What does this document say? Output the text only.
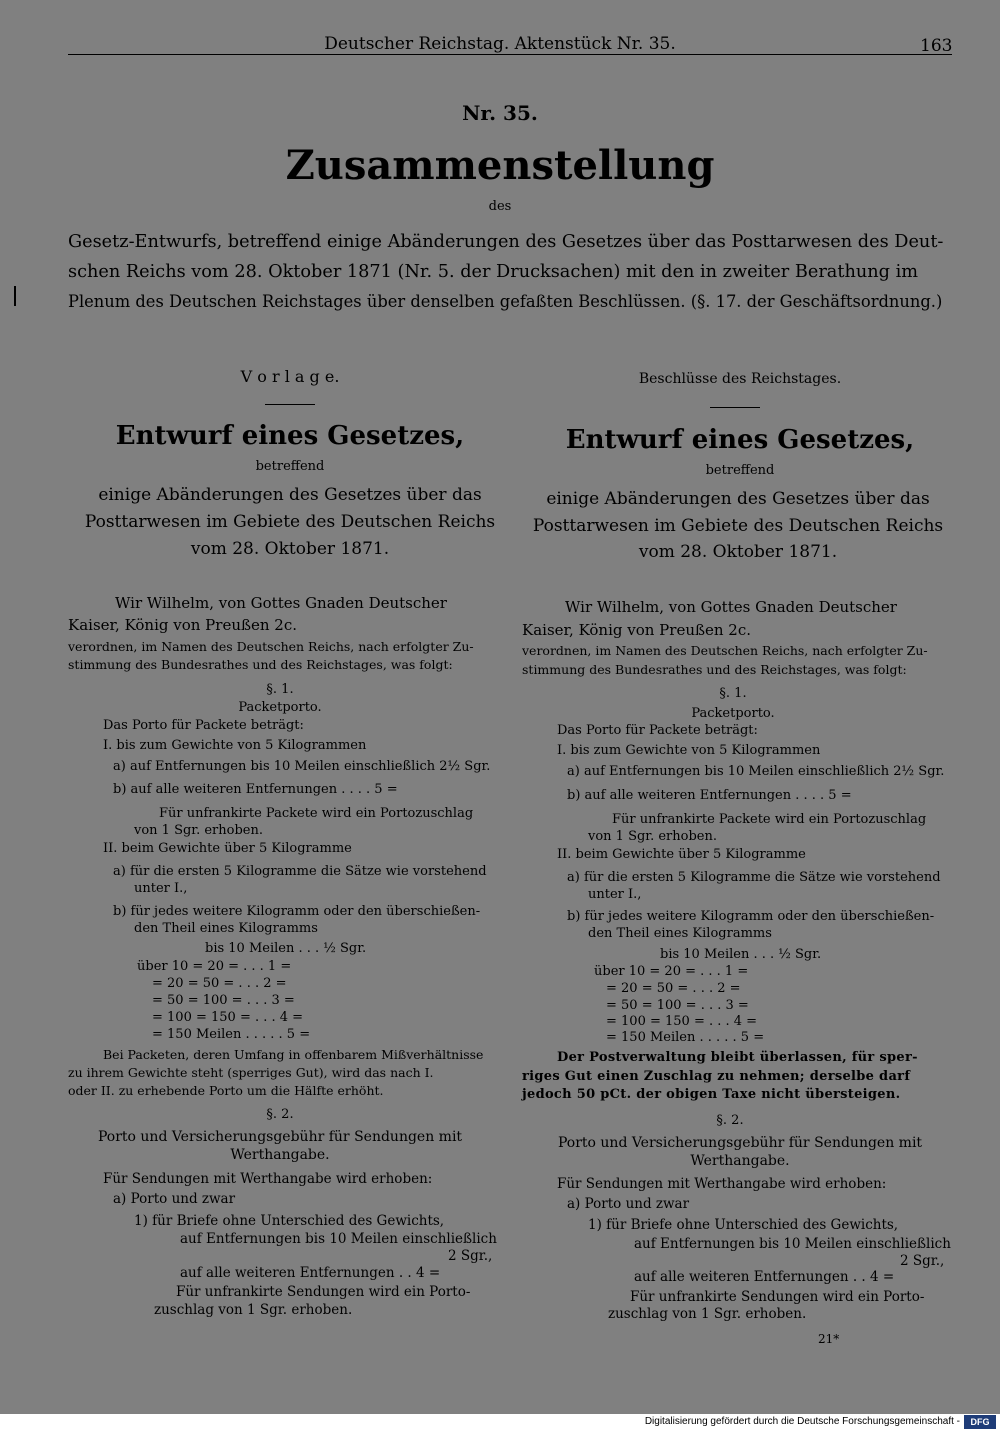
Deutscher Reichstag. Aktenstück Nr. 35.	163
Nr. 35.
Zusammenstellung
des
Gesetz-Entwurfs, betreffend einige Abänderungen des Gesetzes über das Posttarwesen des Deut-
schen Reichs vom 28. Oktober 1871 (Nr. 5. der Drucksachen) mit den in zweiter Berathung im
Plenum des Deutschen Reichstages über denselben gefaßten Beschlüssen. (§. 17. der Geschäftsordnung.)
V o r l a g e.
Entwurf eines Gesetzes,
betreffend
einige Abänderungen des Gesetzes über das
Posttarwesen im Gebiete des Deutschen Reichs
vom 28. Oktober 1871.
Wir Wilhelm, von Gottes Gnaden Deutscher
Kaiser, König von Preußen 2c.
verordnen, im Namen des Deutschen Reichs, nach erfolgter Zu-
stimmung des Bundesrathes und des Reichstages, was folgt:
§. 1.
Packetporto.
Das Porto für Packete beträgt:
I. bis zum Gewichte von 5 Kilogrammen
a) auf Entfernungen bis 10 Meilen einschließlich 2½ Sgr.
b) auf alle weiteren Entfernungen . . . . 5 =
Für unfrankirte Packete wird ein Portozuschlag
von 1 Sgr. erhoben.
II. beim Gewichte über 5 Kilogramme
a) für die ersten 5 Kilogramme die Sätze wie vorstehend
unter I.,
b) für jedes weitere Kilogramm oder den überschießen-
den Theil eines Kilogramms
bis 10 Meilen . . . ½ Sgr.
über 10 = 20 = . . . 1 =
= 20 = 50 = . . . 2 =
= 50 = 100 = . . . 3 =
= 100 = 150 = . . . 4 =
= 150 Meilen . . . . . 5 =
Bei Packeten, deren Umfang in offenbarem Mißverhältnisse
zu ihrem Gewichte steht (sperriges Gut), wird das nach I.
oder II. zu erhebende Porto um die Hälfte erhöht.
§. 2.
Porto und Versicherungsgebühr für Sendungen mit
Werthangabe.
Für Sendungen mit Werthangabe wird erhoben:
a) Porto und zwar
1) für Briefe ohne Unterschied des Gewichts,
auf Entfernungen bis 10 Meilen einschließlich
2 Sgr.,
auf alle weiteren Entfernungen . . 4 =
Für unfrankirte Sendungen wird ein Porto-
zuschlag von 1 Sgr. erhoben.
Beschlüsse des Reichstages.
Entwurf eines Gesetzes,
betreffend
einige Abänderungen des Gesetzes über das
Posttarwesen im Gebiete des Deutschen Reichs
vom 28. Oktober 1871.
Wir Wilhelm, von Gottes Gnaden Deutscher
Kaiser, König von Preußen 2c.
verordnen, im Namen des Deutschen Reichs, nach erfolgter Zu-
stimmung des Bundesrathes und des Reichstages, was folgt:
§. 1.
Packetporto.
Das Porto für Packete beträgt:
I. bis zum Gewichte von 5 Kilogrammen
a) auf Entfernungen bis 10 Meilen einschließlich 2½ Sgr.
b) auf alle weiteren Entfernungen . . . . 5 =
Für unfrankirte Packete wird ein Portozuschlag
von 1 Sgr. erhoben.
II. beim Gewichte über 5 Kilogramme
a) für die ersten 5 Kilogramme die Sätze wie vorstehend
unter I.,
b) für jedes weitere Kilogramm oder den überschießen-
den Theil eines Kilogramms
bis 10 Meilen . . . ½ Sgr.
über 10 = 20 = . . . 1 =
= 20 = 50 = . . . 2 =
= 50 = 100 = . . . 3 =
= 100 = 150 = . . . 4 =
= 150 Meilen . . . . . 5 =
Der Postverwaltung bleibt überlassen, für sper-
riges Gut einen Zuschlag zu nehmen; derselbe darf
jedoch 50 pCt. der obigen Taxe nicht übersteigen.
§. 2.
Porto und Versicherungsgebühr für Sendungen mit
Werthangabe.
Für Sendungen mit Werthangabe wird erhoben:
a) Porto und zwar
1) für Briefe ohne Unterschied des Gewichts,
auf Entfernungen bis 10 Meilen einschließlich
2 Sgr.,
auf alle weiteren Entfernungen . . 4 =
Für unfrankirte Sendungen wird ein Porto-
zuschlag von 1 Sgr. erhoben.
21*
Digitalisierung gefördert durch die Deutsche Forschungsgemeinschaft -	DFG
